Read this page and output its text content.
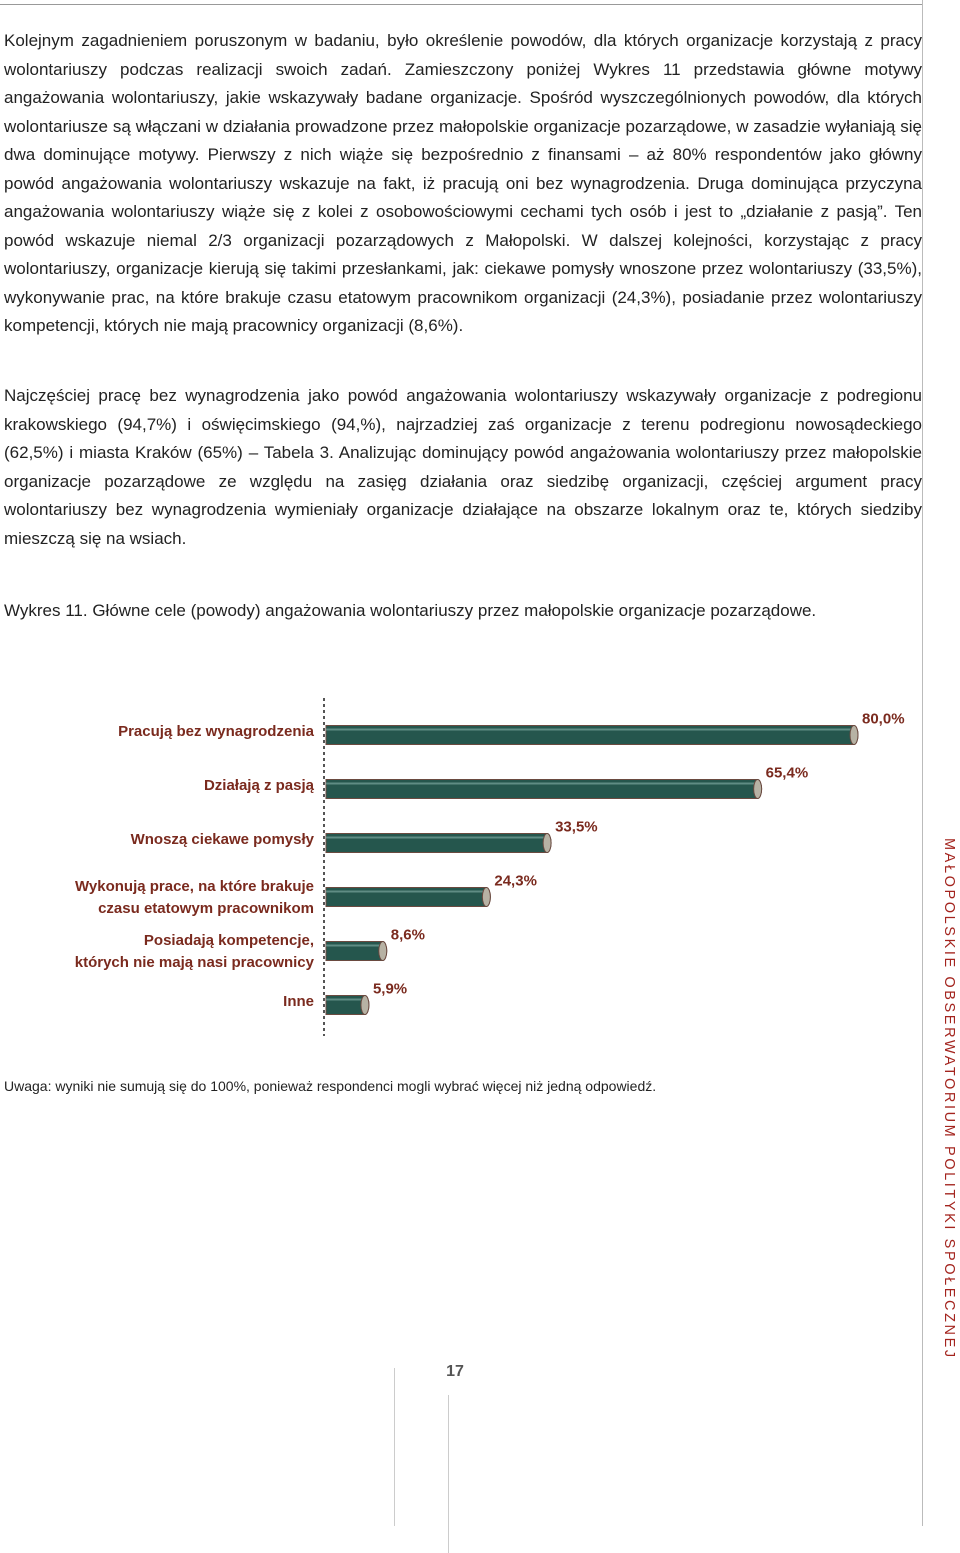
Kolejnym zagadnieniem poruszonym w badaniu, było określenie powodów, dla których organizacje korzystają z pracy wolontariuszy podczas realizacji swoich zadań. Zamieszczony poniżej Wykres 11 przedstawia główne motywy angażowania wolontariuszy, jakie wskazywały badane organizacje. Spośród wyszczególnionych powodów, dla których wolontariusze są włączani w działania prowadzone przez małopolskie organizacje pozarządowe, w zasadzie wyłaniają się dwa dominujące motywy. Pierwszy z nich wiąże się bezpośrednio z finansami – aż 80% respondentów jako główny powód angażowania wolontariuszy wskazuje na fakt, iż pracują oni bez wynagrodzenia. Druga dominująca przyczyna angażowania wolontariuszy wiąże się z kolei z osobowościowymi cechami tych osób i jest to „działanie z pasją”. Ten powód wskazuje niemal 2/3 organizacji pozarządowych z Małopolski. W dalszej kolejności, korzystając z pracy wolontariuszy, organizacje kierują się takimi przesłankami, jak: ciekawe pomysły wnoszone przez wolontariuszy (33,5%), wykonywanie prac, na które brakuje czasu etatowym pracownikom organizacji (24,3%), posiadanie przez wolontariuszy kompetencji, których nie mają pracownicy organizacji (8,6%).

Najczęściej pracę bez wynagrodzenia jako powód angażowania wolontariuszy wskazywały organizacje z podregionu krakowskiego (94,7%) i oświęcimskiego (94,%), najrzadziej zaś organizacje z terenu podregionu nowosądeckiego (62,5%) i miasta Kraków (65%) – Tabela 3. Analizując dominujący powód angażowania wolontariuszy przez małopolskie organizacje pozarządowe ze względu na zasięg działania oraz siedzibę organizacji, częściej argument pracy wolontariuszy bez wynagrodzenia wymieniały organizacje działające na obszarze lokalnym oraz te, których siedziby mieszczą się na wsiach.

Wykres 11. Główne cele (powody) angażowania wolontariuszy przez małopolskie organizacje pozarządowe.

80,0%
Pracują bez wynagrodzenia
65,4%
Działają z pasją
33,5%
Wnoszą ciekawe pomysły
24,3%
Wykonują prace, na które brakuje
czasu etatowym pracownikom
8,6%
Posiadają kompetencje,
których nie mają nasi pracownicy
5,9%
Inne

Uwaga: wyniki nie sumują się do 100%, ponieważ respondenci mogli wybrać więcej niż jedną odpowiedź.	MAŁOPOLSKIE OBSERWATORIUM POLITYKI SPOŁECZNEJ
17
